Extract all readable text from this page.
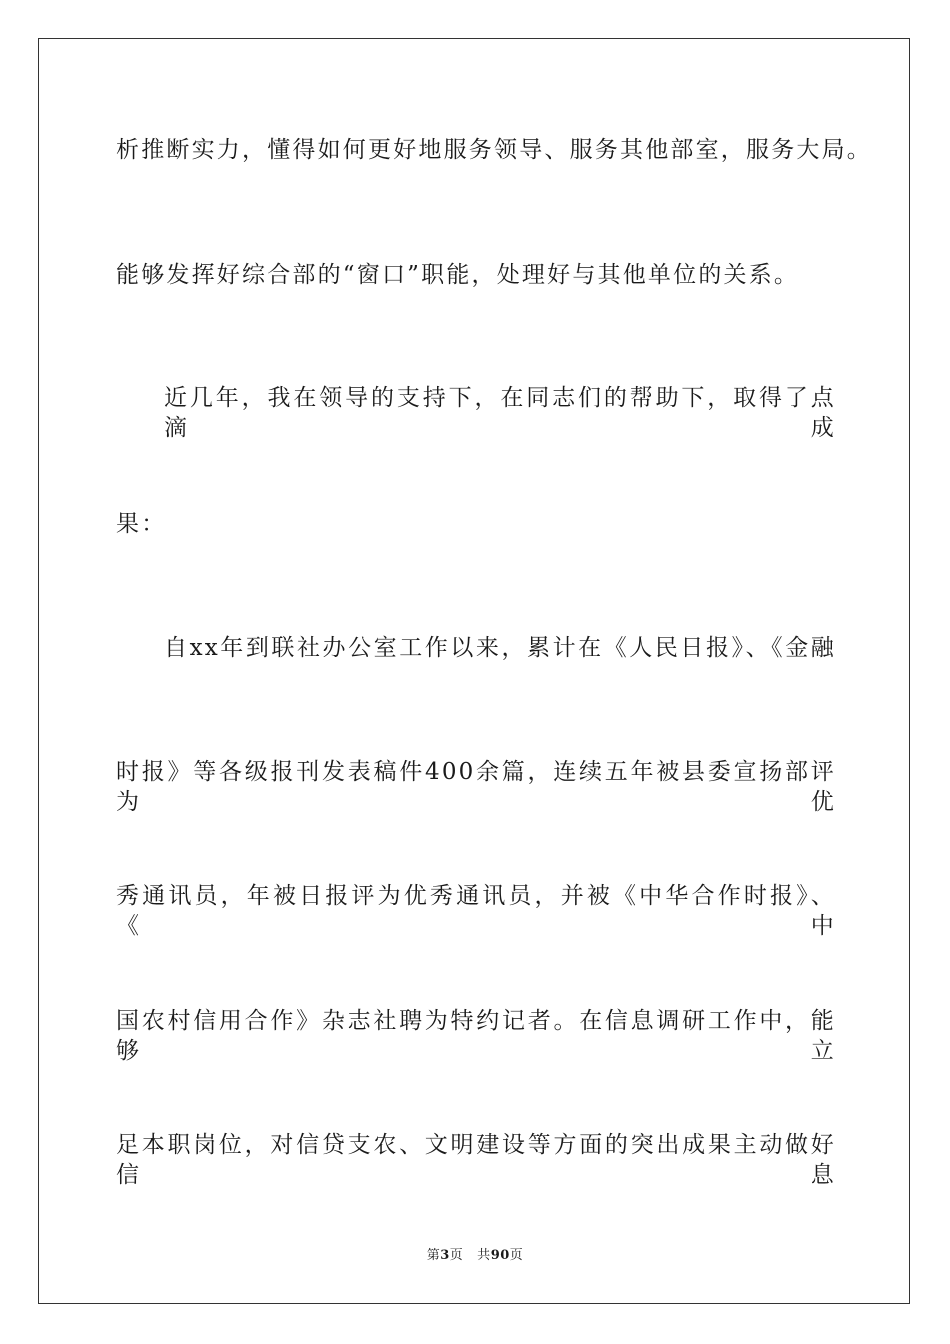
析推断实力，懂得如何更好地服务领导、服务其他部室，服务大局。
能够发挥好综合部的“窗口”职能，处理好与其他单位的关系。
近几年，我在领导的支持下，在同志们的帮助下，取得了点滴成
果：
自xx年到联社办公室工作以来，累计在《人民日报》、《金融
时报》等各级报刊发表稿件400余篇，连续五年被县委宣扬部评为优
秀通讯员，年被日报评为优秀通讯员，并被《中华合作时报》、《中
国农村信用合作》杂志社聘为特约记者。在信息调研工作中，能够立
足本职岗位，对信贷支农、文明建设等方面的突出成果主动做好信息
第3页 共90页
